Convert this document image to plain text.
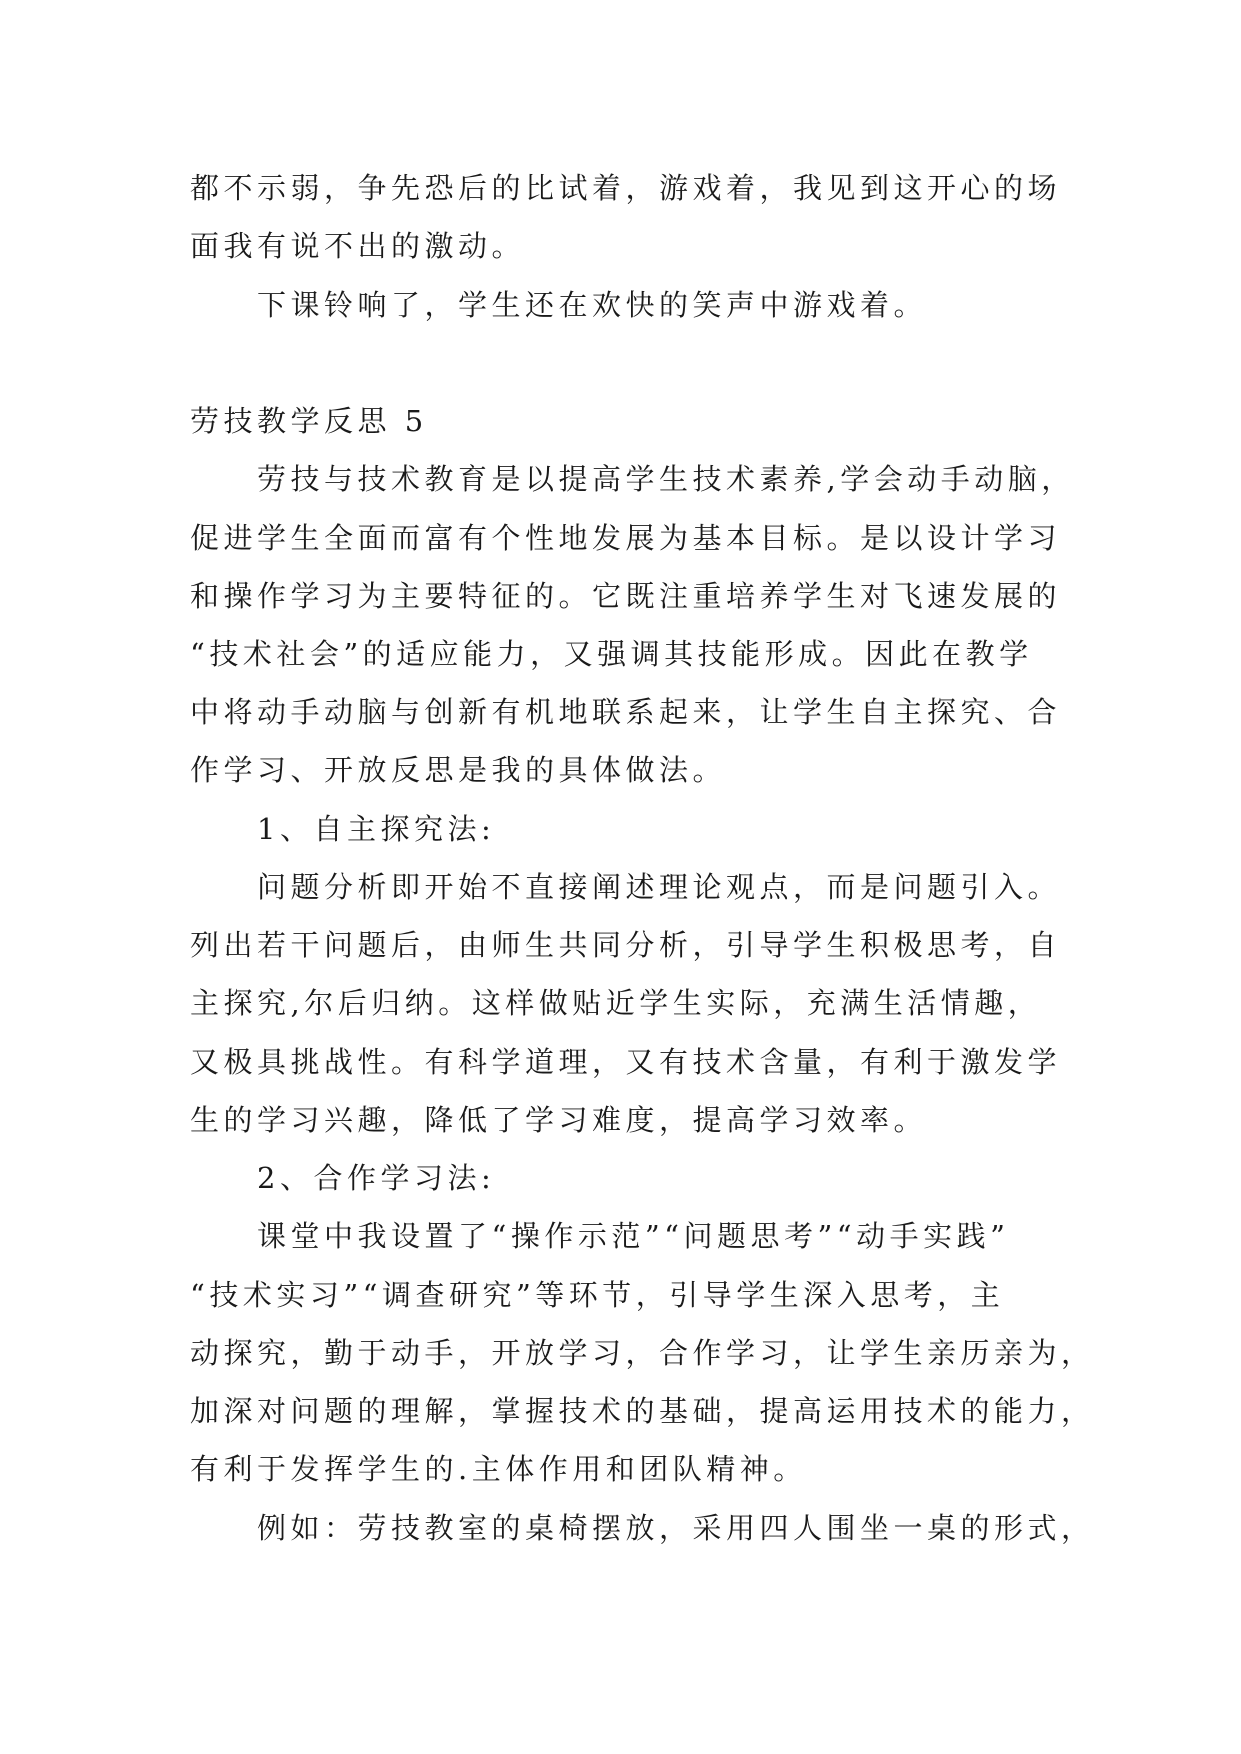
都不示弱，争先恐后的比试着，游戏着，我见到这开心的场
面我有说不出的激动。
下课铃响了，学生还在欢快的笑声中游戏着。
劳技教学反思 5
劳技与技术教育是以提高学生技术素养,学会动手动脑，
促进学生全面而富有个性地发展为基本目标。是以设计学习
和操作学习为主要特征的。它既注重培养学生对飞速发展的
“技术社会”的适应能力，又强调其技能形成。因此在教学
中将动手动脑与创新有机地联系起来，让学生自主探究、合
作学习、开放反思是我的具体做法。
1、自主探究法:
问题分析即开始不直接阐述理论观点，而是问题引入。
列出若干问题后，由师生共同分析，引导学生积极思考，自
主探究,尔后归纳。这样做贴近学生实际，充满生活情趣，
又极具挑战性。有科学道理，又有技术含量，有利于激发学
生的学习兴趣，降低了学习难度，提高学习效率。
2、合作学习法:
课堂中我设置了“操作示范”“问题思考”“动手实践”
“技术实习”“调查研究”等环节，引导学生深入思考，主
动探究，勤于动手，开放学习，合作学习，让学生亲历亲为，
加深对问题的理解，掌握技术的基础，提高运用技术的能力，
有利于发挥学生的.主体作用和团队精神。
例如：劳技教室的桌椅摆放，采用四人围坐一桌的形式，
